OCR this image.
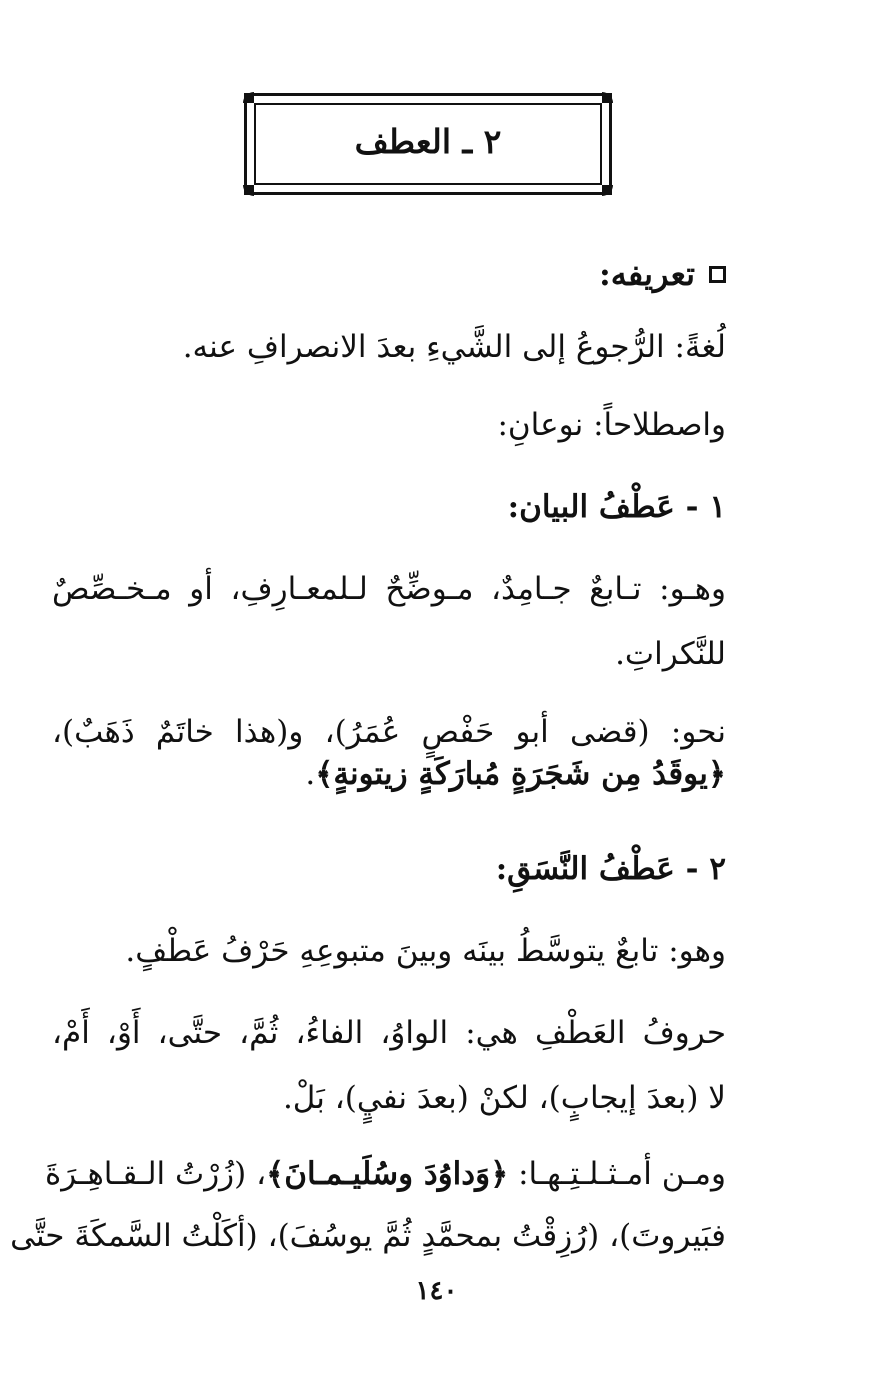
٢ ـ العطف
تعريفه:
لُغةً: الرُّجوعُ إلى الشَّيءِ بعدَ الانصرافِ عنه.
واصطلاحاً: نوعانِ:
١ - عَطْفُ البيان:
وهـو: تـابعٌ جـامِدٌ، مـوضِّحٌ لـلمعـارِفِ، أو مـخـصِّصٌ
للنَّكراتِ.
نحو: (قضى أبو حَفْصٍ عُمَرُ)، و(هذا خاتَمٌ ذَهَبٌ)،
﴿يوقَدُ مِن شَجَرَةٍ مُبارَكَةٍ زيتونةٍ﴾.
٢ - عَطْفُ النَّسَقِ:
وهو: تابعٌ يتوسَّطُ بينَه وبينَ متبوعِهِ حَرْفُ عَطْفٍ.
حروفُ العَطْفِ هي: الواوُ، الفاءُ، ثُمَّ، حتَّى، أَوْ، أَمْ،
لا (بعدَ إيجابٍ)، لكنْ (بعدَ نفيٍ)، بَلْ.
ومـن أمـثـلـتِـهـا: ﴿وَداوُدَ وسُلَيـمـانَ﴾، (زُرْتُ الـقـاهِـرَةَ
فبَيروتَ)، (رُزِقْتُ بمحمَّدٍ ثُمَّ يوسُفَ)، (أكَلْتُ السَّمكَةَ حتَّى
١٤٠
